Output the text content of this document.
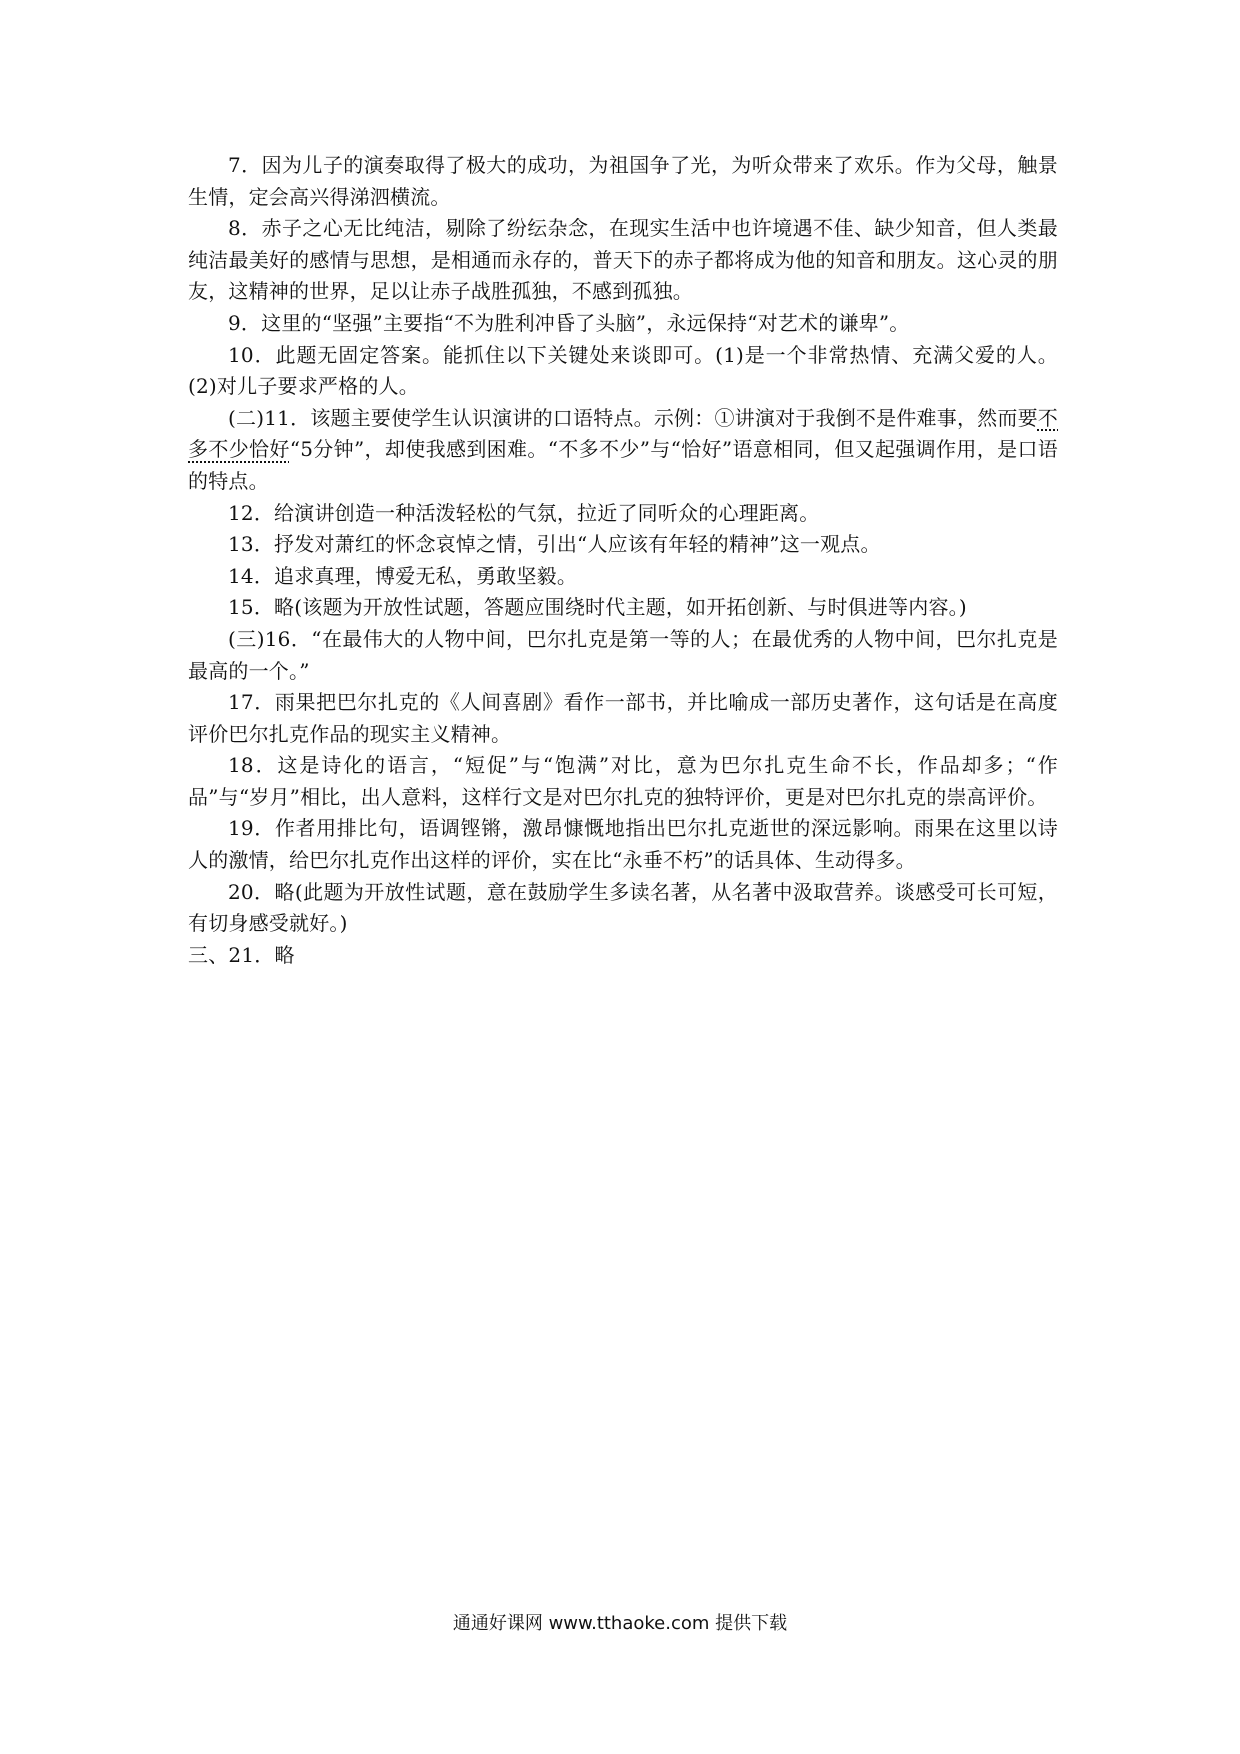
7．因为儿子的演奏取得了极大的成功，为祖国争了光，为听众带来了欢乐。作为父母，触景生情，定会高兴得涕泗横流。

8．赤子之心无比纯洁，剔除了纷纭杂念，在现实生活中也许境遇不佳、缺少知音，但人类最纯洁最美好的感情与思想，是相通而永存的，普天下的赤子都将成为他的知音和朋友。这心灵的朋友，这精神的世界，足以让赤子战胜孤独，不感到孤独。

9．这里的“坚强”主要指“不为胜利冲昏了头脑”，永远保持“对艺术的谦卑”。

10．此题无固定答案。能抓住以下关键处来谈即可。(1)是一个非常热情、充满父爱的人。(2)对儿子要求严格的人。

(二)11．该题主要使学生认识演讲的口语特点。示例：①讲演对于我倒不是件难事，然而要不多不少恰好“5分钟”，却使我感到困难。“不多不少”与“恰好”语意相同，但又起强调作用，是口语的特点。

12．给演讲创造一种活泼轻松的气氛，拉近了同听众的心理距离。

13．抒发对萧红的怀念哀悼之情，引出“人应该有年轻的精神”这一观点。

14．追求真理，博爱无私，勇敢坚毅。

15．略(该题为开放性试题，答题应围绕时代主题，如开拓创新、与时俱进等内容。)

(三)16．“在最伟大的人物中间，巴尔扎克是第一等的人；在最优秀的人物中间，巴尔扎克是最高的一个。”

17．雨果把巴尔扎克的《人间喜剧》看作一部书，并比喻成一部历史著作，这句话是在高度评价巴尔扎克作品的现实主义精神。

18．这是诗化的语言，“短促”与“饱满”对比，意为巴尔扎克生命不长，作品却多；“作品”与“岁月”相比，出人意料，这样行文是对巴尔扎克的独特评价，更是对巴尔扎克的崇高评价。

19．作者用排比句，语调铿锵，激昂慷慨地指出巴尔扎克逝世的深远影响。雨果在这里以诗人的激情，给巴尔扎克作出这样的评价，实在比“永垂不朽”的话具体、生动得多。

20．略(此题为开放性试题，意在鼓励学生多读名著，从名著中汲取营养。谈感受可长可短，有切身感受就好。)

三、21．略

通通好课网 www.tthaoke.com 提供下载
